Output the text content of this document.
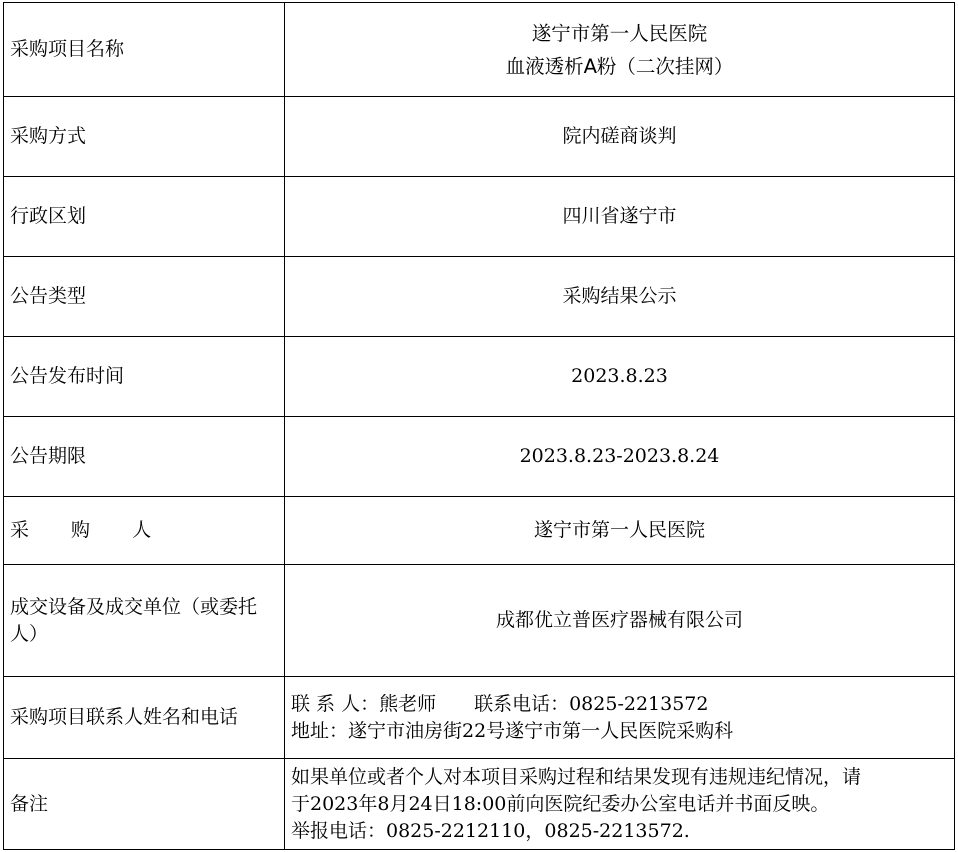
采购项目名称	遂宁市第一人民医院
血液透析A粉（二次挂网）

采购方式	院内磋商谈判
行政区划	四川省遂宁市
公告类型	采购结果公示
公告发布时间	2023.8.23
公告期限	2023.8.23-2023.8.24
采 购 人	遂宁市第一人民医院
成交设备及成交单位（或委托人）	成都优立普医疗器械有限公司
采购项目联系人姓名和电话	联 系 人：熊老师 联系电话：0825-2213572
地址：遂宁市油房街22号遂宁市第一人民医院采购科

备注	如果单位或者个人对本项目采购过程和结果发现有违规违纪情况，请
于2023年8月24日18:00前向医院纪委办公室电话并书面反映。
举报电话：0825-2212110，0825-2213572.
